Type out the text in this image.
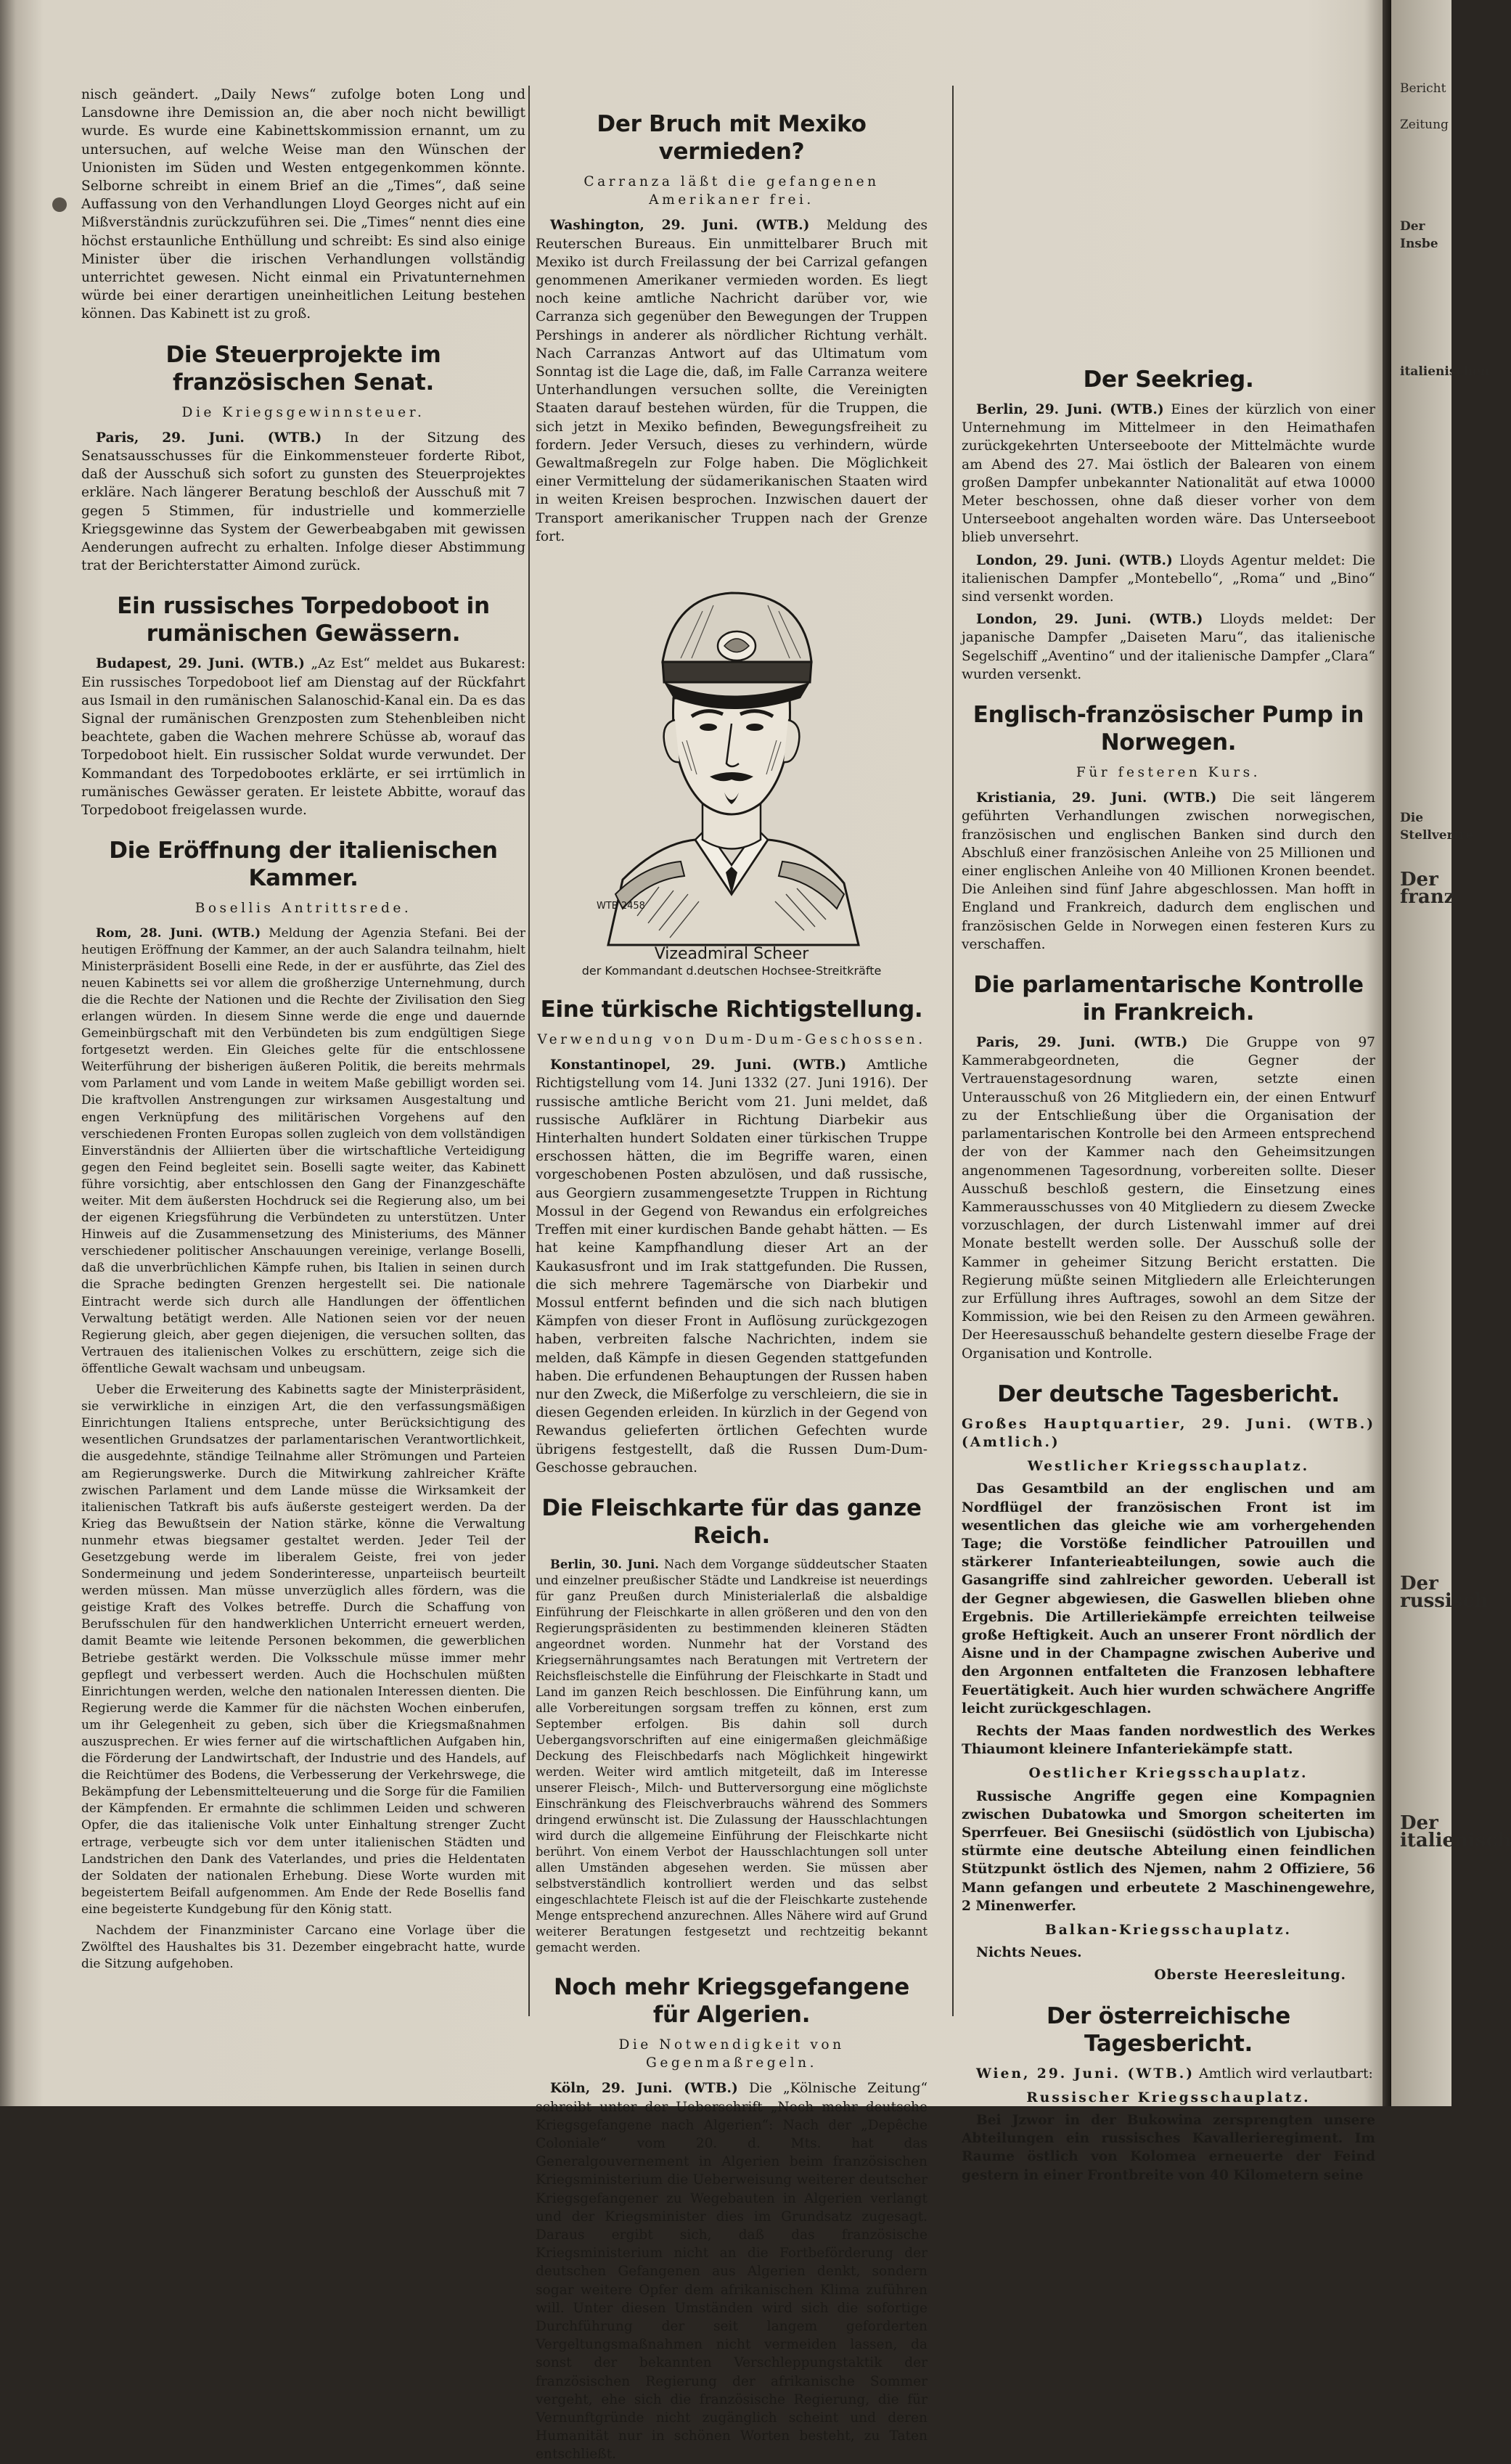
nisch geändert. „Daily News“ zufolge boten Long und Lansdowne ihre Demission an, die aber noch nicht bewilligt wurde. Es wurde eine Kabinettskommission ernannt, um zu untersuchen, auf welche Weise man den Wünschen der Unionisten im Süden und Westen entgegenkommen könnte. Selborne schreibt in einem Brief an die „Times“, daß seine Auffassung von den Verhandlungen Lloyd Georges nicht auf ein Mißverständnis zurückzuführen sei. Die „Times“ nennt dies eine höchst erstaunliche Enthüllung und schreibt: Es sind also einige Minister über die irischen Verhandlungen vollständig unterrichtet gewesen. Nicht einmal ein Privatunternehmen würde bei einer derartigen uneinheitlichen Leitung bestehen können. Das Kabinett ist zu groß.

Die Steuerprojekte im französischen Senat.

Die Kriegsgewinnsteuer.

Paris, 29. Juni. (WTB.) In der Sitzung des Senatsausschusses für die Einkommensteuer forderte Ribot, daß der Ausschuß sich sofort zu gunsten des Steuerprojektes erkläre. Nach längerer Beratung beschloß der Ausschuß mit 7 gegen 5 Stimmen, für industrielle und kommerzielle Kriegsgewinne das System der Gewerbeabgaben mit gewissen Aenderungen aufrecht zu erhalten. Infolge dieser Abstimmung trat der Berichterstatter Aimond zurück.

Ein russisches Torpedoboot in rumänischen Gewässern.

Budapest, 29. Juni. (WTB.) „Az Est“ meldet aus Bukarest: Ein russisches Torpedoboot lief am Dienstag auf der Rückfahrt aus Ismail in den rumänischen Salanoschid-Kanal ein. Da es das Signal der rumänischen Grenzposten zum Stehenbleiben nicht beachtete, gaben die Wachen mehrere Schüsse ab, worauf das Torpedoboot hielt. Ein russischer Soldat wurde verwundet. Der Kommandant des Torpedobootes erklärte, er sei irrtümlich in rumänisches Gewässer geraten. Er leistete Abbitte, worauf das Torpedoboot freigelassen wurde.

Die Eröffnung der italienischen Kammer.

Bosellis Antrittsrede.

Rom, 28. Juni. (WTB.) Meldung der Agenzia Stefani. Bei der heutigen Eröffnung der Kammer, an der auch Salandra teilnahm, hielt Ministerpräsident Boselli eine Rede, in der er ausführte, das Ziel des neuen Kabinetts sei vor allem die großherzige Unternehmung, durch die die Rechte der Nationen und die Rechte der Zivilisation den Sieg erlangen würden. In diesem Sinne werde die enge und dauernde Gemeinbürgschaft mit den Verbündeten bis zum endgültigen Siege fortgesetzt werden. Ein Gleiches gelte für die entschlossene Weiterführung der bisherigen äußeren Politik, die bereits mehrmals vom Parlament und vom Lande in weitem Maße gebilligt worden sei. Die kraftvollen Anstrengungen zur wirksamen Ausgestaltung und engen Verknüpfung des militärischen Vorgehens auf den verschiedenen Fronten Europas sollen zugleich von dem vollständigen Einverständnis der Alliierten über die wirtschaftliche Verteidigung gegen den Feind begleitet sein. Boselli sagte weiter, das Kabinett führe vorsichtig, aber entschlossen den Gang der Finanzgeschäfte weiter. Mit dem äußersten Hochdruck sei die Regierung also, um bei der eigenen Kriegsführung die Verbündeten zu unterstützen. Unter Hinweis auf die Zusammensetzung des Ministeriums, des Männer verschiedener politischer Anschauungen vereinige, verlange Boselli, daß die unverbrüchlichen Kämpfe ruhen, bis Italien in seinen durch die Sprache bedingten Grenzen hergestellt sei. Die nationale Eintracht werde sich durch alle Handlungen der öffentlichen Verwaltung betätigt werden. Alle Nationen seien vor der neuen Regierung gleich, aber gegen diejenigen, die versuchen sollten, das Vertrauen des italienischen Volkes zu erschüttern, zeige sich die öffentliche Gewalt wachsam und unbeugsam.

Ueber die Erweiterung des Kabinetts sagte der Ministerpräsident, sie verwirkliche in einzigen Art, die den verfassungsmäßigen Einrichtungen Italiens entspreche, unter Berücksichtigung des wesentlichen Grundsatzes der parlamentarischen Verantwortlichkeit, die ausgedehnte, ständige Teilnahme aller Strömungen und Parteien am Regierungswerke. Durch die Mitwirkung zahlreicher Kräfte zwischen Parlament und dem Lande müsse die Wirksamkeit der italienischen Tatkraft bis aufs äußerste gesteigert werden. Da der Krieg das Bewußtsein der Nation stärke, könne die Verwaltung nunmehr etwas biegsamer gestaltet werden. Jeder Teil der Gesetzgebung werde im liberalem Geiste, frei von jeder Sondermeinung und jedem Sonderinteresse, unparteiisch beurteilt werden müssen. Man müsse unverzüglich alles fördern, was die geistige Kraft des Volkes betreffe. Durch die Schaffung von Berufsschulen für den handwerklichen Unterricht erneuert werden, damit Beamte wie leitende Personen bekommen, die gewerblichen Betriebe gestärkt werden. Die Volksschule müsse immer mehr gepflegt und verbessert werden. Auch die Hochschulen müßten Einrichtungen werden, welche den nationalen Interessen dienten. Die Regierung werde die Kammer für die nächsten Wochen einberufen, um ihr Gelegenheit zu geben, sich über die Kriegsmaßnahmen auszusprechen. Er wies ferner auf die wirtschaftlichen Aufgaben hin, die Förderung der Landwirtschaft, der Industrie und des Handels, auf die Reichtümer des Bodens, die Verbesserung der Verkehrswege, die Bekämpfung der Lebensmittelteuerung und die Sorge für die Familien der Kämpfenden. Er ermahnte die schlimmen Leiden und schweren Opfer, die das italienische Volk unter Einhaltung strenger Zucht ertrage, verbeugte sich vor dem unter italienischen Städten und Landstrichen den Dank des Vaterlandes, und pries die Heldentaten der Soldaten der nationalen Erhebung. Diese Worte wurden mit begeistertem Beifall aufgenommen. Am Ende der Rede Bosellis fand eine begeisterte Kundgebung für den König statt.

Nachdem der Finanzminister Carcano eine Vorlage über die Zwölftel des Haushaltes bis 31. Dezember eingebracht hatte, wurde die Sitzung aufgehoben.

Der Bruch mit Mexiko vermieden?

Carranza läßt die gefangenen Amerikaner frei.

Washington, 29. Juni. (WTB.) Meldung des Reuterschen Bureaus. Ein unmittelbarer Bruch mit Mexiko ist durch Freilassung der bei Carrizal gefangen genommenen Amerikaner vermieden worden. Es liegt noch keine amtliche Nachricht darüber vor, wie Carranza sich gegenüber den Bewegungen der Truppen Pershings in anderer als nördlicher Richtung verhält. Nach Carranzas Antwort auf das Ultimatum vom Sonntag ist die Lage die, daß, im Falle Carranza weitere Unterhandlungen versuchen sollte, die Vereinigten Staaten darauf bestehen würden, für die Truppen, die sich jetzt in Mexiko befinden, Bewegungsfreiheit zu fordern. Jeder Versuch, dieses zu verhindern, würde Gewaltmaßregeln zur Folge haben. Die Möglichkeit einer Vermittelung der südamerikanischen Staaten wird in weiten Kreisen besprochen. Inzwischen dauert der Transport amerikanischer Truppen nach der Grenze fort.

WTB 2458
Vizeadmiral Scheer
der Kommandant d.deutschen Hochsee-Streitkräfte
Eine türkische Richtigstellung.

Verwendung von Dum-Dum-Geschossen.

Konstantinopel, 29. Juni. (WTB.) Amtliche Richtigstellung vom 14. Juni 1332 (27. Juni 1916). Der russische amtliche Bericht vom 21. Juni meldet, daß russische Aufklärer in Richtung Diarbekir aus Hinterhalten hundert Soldaten einer türkischen Truppe erschossen hätten, die im Begriffe waren, einen vorgeschobenen Posten abzulösen, und daß russische, aus Georgiern zusammengesetzte Truppen in Richtung Mossul in der Gegend von Rewandus ein erfolgreiches Treffen mit einer kurdischen Bande gehabt hätten. — Es hat keine Kampfhandlung dieser Art an der Kaukasusfront und im Irak stattgefunden. Die Russen, die sich mehrere Tagemärsche von Diarbekir und Mossul entfernt befinden und die sich nach blutigen Kämpfen von dieser Front in Auflösung zurückgezogen haben, verbreiten falsche Nachrichten, indem sie melden, daß Kämpfe in diesen Gegenden stattgefunden haben. Die erfundenen Behauptungen der Russen haben nur den Zweck, die Mißerfolge zu verschleiern, die sie in diesen Gegenden erleiden. In kürzlich in der Gegend von Rewandus gelieferten örtlichen Gefechten wurde übrigens festgestellt, daß die Russen Dum-Dum-Geschosse gebrauchen.

Die Fleischkarte für das ganze Reich.

Berlin, 30. Juni. Nach dem Vorgange süddeutscher Staaten und einzelner preußischer Städte und Landkreise ist neuerdings für ganz Preußen durch Ministerialerlaß die alsbaldige Einführung der Fleischkarte in allen größeren und den von den Regierungspräsidenten zu bestimmenden kleineren Städten angeordnet worden. Nunmehr hat der Vorstand des Kriegsernährungsamtes nach Beratungen mit Vertretern der Reichsfleischstelle die Einführung der Fleischkarte in Stadt und Land im ganzen Reich beschlossen. Die Einführung kann, um alle Vorbereitungen sorgsam treffen zu können, erst zum September erfolgen. Bis dahin soll durch Uebergangsvorschriften auf eine einigermaßen gleichmäßige Deckung des Fleischbedarfs nach Möglichkeit hingewirkt werden. Weiter wird amtlich mitgeteilt, daß im Interesse unserer Fleisch-, Milch- und Butterversorgung eine möglichste Einschränkung des Fleischverbrauchs während des Sommers dringend erwünscht ist. Die Zulassung der Hausschlachtungen wird durch die allgemeine Einführung der Fleischkarte nicht berührt. Von einem Verbot der Hausschlachtungen soll unter allen Umständen abgesehen werden. Sie müssen aber selbstverständlich kontrolliert werden und das selbst eingeschlachtete Fleisch ist auf die der Fleischkarte zustehende Menge entsprechend anzurechnen. Alles Nähere wird auf Grund weiterer Beratungen festgesetzt und rechtzeitig bekannt gemacht werden.

Noch mehr Kriegsgefangene für Algerien.

Die Notwendigkeit von Gegenmaßregeln.

Köln, 29. Juni. (WTB.) Die „Kölnische Zeitung“ schreibt unter der Ueberschrift „Noch mehr deutsche Kriegsgefangene nach Algerien“: Nach der „Depêche Coloniale“ vom 20. d. Mts. hat das Generalgouvernement in Algerien beim französischen Kriegsministerium die Ueberweisung weiterer deutscher Kriegsgefangener zu Wegebauten in Algerien verlangt und der Kriegsminister dies im Grundsatz zugesagt. Daraus ergibt sich, daß das französische Kriegsministerium nicht an die Fortbeförderung der deutschen Gefangenen aus Algerien denkt, sondern sogar weitere Opfer dem afrikanischen Klima zuführen will. Unter diesen Umständen wird sich die sofortige Durchführung der seit langem geforderten Vergeltungsmaßnahmen nicht vermeiden lassen, da sonst der bekannten Verschleppungstaktik der französischen Regierung der afrikanische Sommer vergeht, ehe sich die französische Regierung, die für Vernunftgründe nicht zugänglich scheint und deren Humanität nur in schönen Worten besteht, zu Taten entschließt.

Der Seekrieg.

Berlin, 29. Juni. (WTB.) Eines der kürzlich von einer Unternehmung im Mittelmeer in den Heimathafen zurückgekehrten Unterseeboote der Mittelmächte wurde am Abend des 27. Mai östlich der Balearen von einem großen Dampfer unbekannter Nationalität auf etwa 10000 Meter beschossen, ohne daß dieser vorher von dem Unterseeboot angehalten worden wäre. Das Unterseeboot blieb unversehrt.

London, 29. Juni. (WTB.) Lloyds Agentur meldet: Die italienischen Dampfer „Montebello“, „Roma“ und „Bino“ sind versenkt worden.

London, 29. Juni. (WTB.) Lloyds meldet: Der japanische Dampfer „Daiseten Maru“, das italienische Segelschiff „Aventino“ und der italienische Dampfer „Clara“ wurden versenkt.

Englisch-französischer Pump in Norwegen.

Für festeren Kurs.

Kristiania, 29. Juni. (WTB.) Die seit längerem geführten Verhandlungen zwischen norwegischen, französischen und englischen Banken sind durch den Abschluß einer französischen Anleihe von 25 Millionen und einer englischen Anleihe von 40 Millionen Kronen beendet. Die Anleihen sind fünf Jahre abgeschlossen. Man hofft in England und Frankreich, dadurch dem englischen und französischen Gelde in Norwegen einen festeren Kurs zu verschaffen.

Die parlamentarische Kontrolle in Frankreich.

Paris, 29. Juni. (WTB.) Die Gruppe von 97 Kammerabgeordneten, die Gegner der Vertrauenstagesordnung waren, setzte einen Unterausschuß von 26 Mitgliedern ein, der einen Entwurf zu der Entschließung über die Organisation der parlamentarischen Kontrolle bei den Armeen entsprechend der von der Kammer nach den Geheimsitzungen angenommenen Tagesordnung, vorbereiten sollte. Dieser Ausschuß beschloß gestern, die Einsetzung eines Kammerausschusses von 40 Mitgliedern zu diesem Zwecke vorzuschlagen, der durch Listenwahl immer auf drei Monate bestellt werden solle. Der Ausschuß solle der Kammer in geheimer Sitzung Bericht erstatten. Die Regierung müßte seinen Mitgliedern alle Erleichterungen zur Erfüllung ihres Auftrages, sowohl an dem Sitze der Kommission, wie bei den Reisen zu den Armeen gewähren. Der Heeresausschuß behandelte gestern dieselbe Frage der Organisation und Kontrolle.

Der deutsche Tagesbericht.

Großes Hauptquartier, 29. Juni. (WTB.) (Amtlich.)

Westlicher Kriegsschauplatz.

Das Gesamtbild an der englischen und am Nordflügel der französischen Front ist im wesentlichen das gleiche wie am vorhergehenden Tage; die Vorstöße feindlicher Patrouillen und stärkerer Infanterieabteilungen, sowie auch die Gasangriffe sind zahlreicher geworden. Ueberall ist der Gegner abgewiesen, die Gaswellen blieben ohne Ergebnis. Die Artilleriekämpfe erreichten teilweise große Heftigkeit. Auch an unserer Front nördlich der Aisne und in der Champagne zwischen Auberive und den Argonnen entfalteten die Franzosen lebhaftere Feuertätigkeit. Auch hier wurden schwächere Angriffe leicht zurückgeschlagen.

Rechts der Maas fanden nordwestlich des Werkes Thiaumont kleinere Infanteriekämpfe statt.

Oestlicher Kriegsschauplatz.

Russische Angriffe gegen eine Kompagnien zwischen Dubatowka und Smorgon scheiterten im Sperrfeuer. Bei Gnesiischi (südöstlich von Ljubischa) stürmte eine deutsche Abteilung einen feindlichen Stützpunkt östlich des Njemen, nahm 2 Offiziere, 56 Mann gefangen und erbeutete 2 Maschinengewehre, 2 Minenwerfer.

Balkan-Kriegsschauplatz.

Nichts Neues.

Oberste Heeresleitung.

Der österreichische Tagesbericht.

Wien, 29. Juni. (WTB.) Amtlich wird verlautbart:

Russischer Kriegsschauplatz.

Bei Jzwor in der Bukowina zersprengten unsere Abteilungen ein russisches Kavallerieregiment. Im Raume östlich von Kolomea erneuerte der Feind gestern in einer Frontbreite von 40 Kilometern seine

Bericht
Zeitung
Der Insbe
italienischen
Die Stellvertre
Der franz
Der russisch
Der italienisch
